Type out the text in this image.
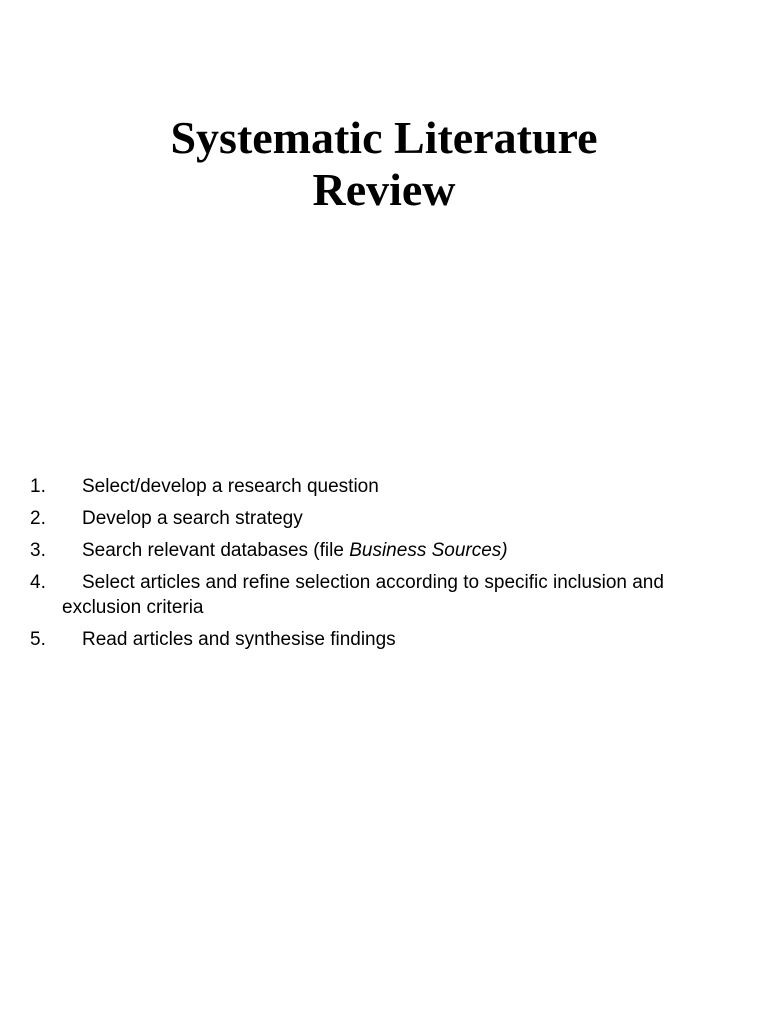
Systematic Literature
Review
1.	Select/develop a research question
2.	Develop a search strategy
3.	Search relevant databases (file Business Sources)
4.	Select articles and refine selection according to specific inclusion and
exclusion criteria
5.	Read articles and synthesise findings
